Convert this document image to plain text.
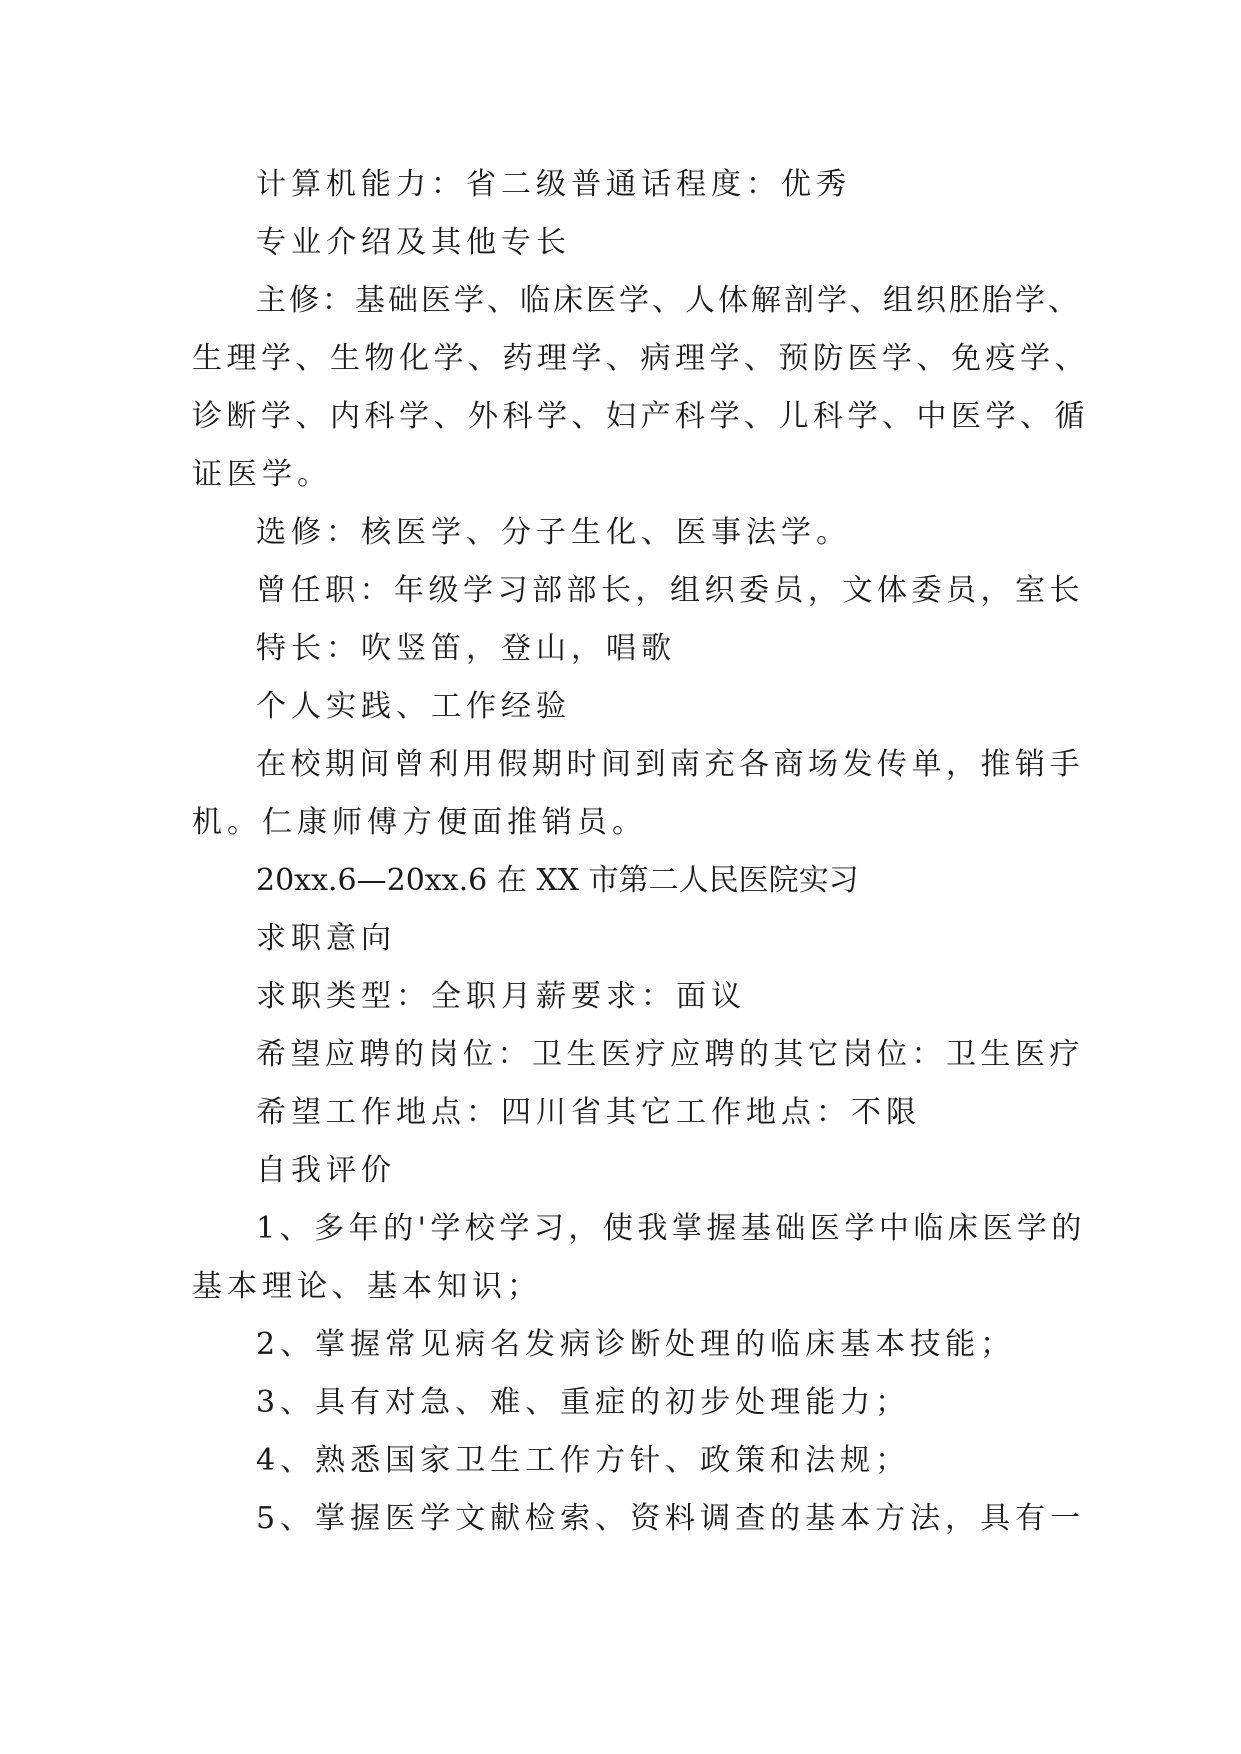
计算机能力：省二级普通话程度：优秀
专业介绍及其他专长
主修：基础医学、临床医学、人体解剖学、组织胚胎学、
生理学、生物化学、药理学、病理学、预防医学、免疫学、
诊断学、内科学、外科学、妇产科学、儿科学、中医学、循
证医学。
选修：核医学、分子生化、医事法学。
曾任职：年级学习部部长，组织委员，文体委员，室长
特长：吹竖笛，登山，唱歌
个人实践、工作经验
在校期间曾利用假期时间到南充各商场发传单，推销手
机。仁康师傅方便面推销员。
20xx.6—20xx.6 在 XX 市第二人民医院实习
求职意向
求职类型：全职月薪要求：面议
希望应聘的岗位：卫生医疗应聘的其它岗位：卫生医疗
希望工作地点：四川省其它工作地点：不限
自我评价
1、多年的'学校学习，使我掌握基础医学中临床医学的
基本理论、基本知识；
2、掌握常见病名发病诊断处理的临床基本技能；
3、具有对急、难、重症的初步处理能力；
4、熟悉国家卫生工作方针、政策和法规；
5、掌握医学文献检索、资料调查的基本方法，具有一
